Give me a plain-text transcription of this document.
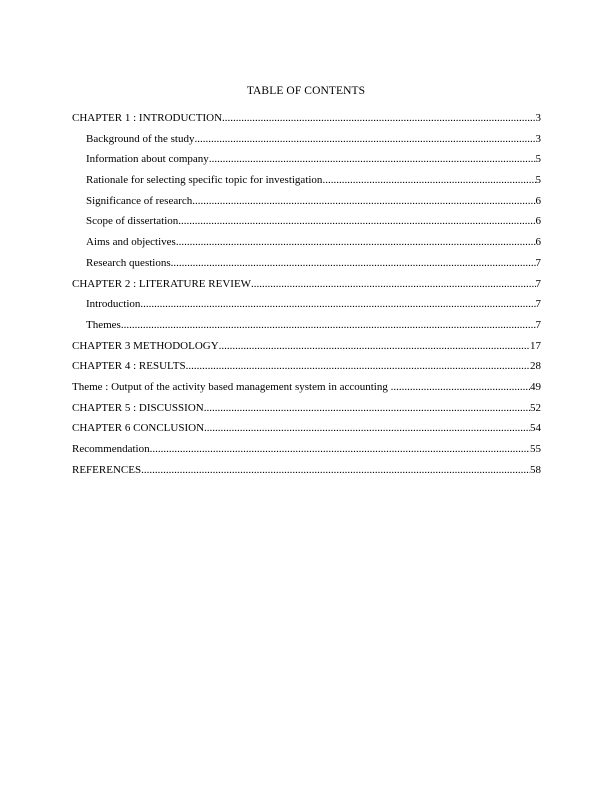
TABLE OF CONTENTS
CHAPTER 1 : INTRODUCTION .....	3
Background of the study .....	3
Information about company .....	5
Rationale for selecting specific topic for investigation .....	5
Significance of research .....	6
Scope of dissertation .....	6
Aims and objectives .....	6
Research questions .....	7
CHAPTER 2 : LITERATURE REVIEW .....	7
Introduction .....	7
Themes .....	7
CHAPTER 3 METHODOLOGY .....	17
CHAPTER 4 : RESULTS .....	28
Theme : Output of the activity based management system in accounting . .....	49
CHAPTER 5 : DISCUSSION .....	52
CHAPTER 6 CONCLUSION .....	54
Recommendation .....	55
REFERENCES .....	58
